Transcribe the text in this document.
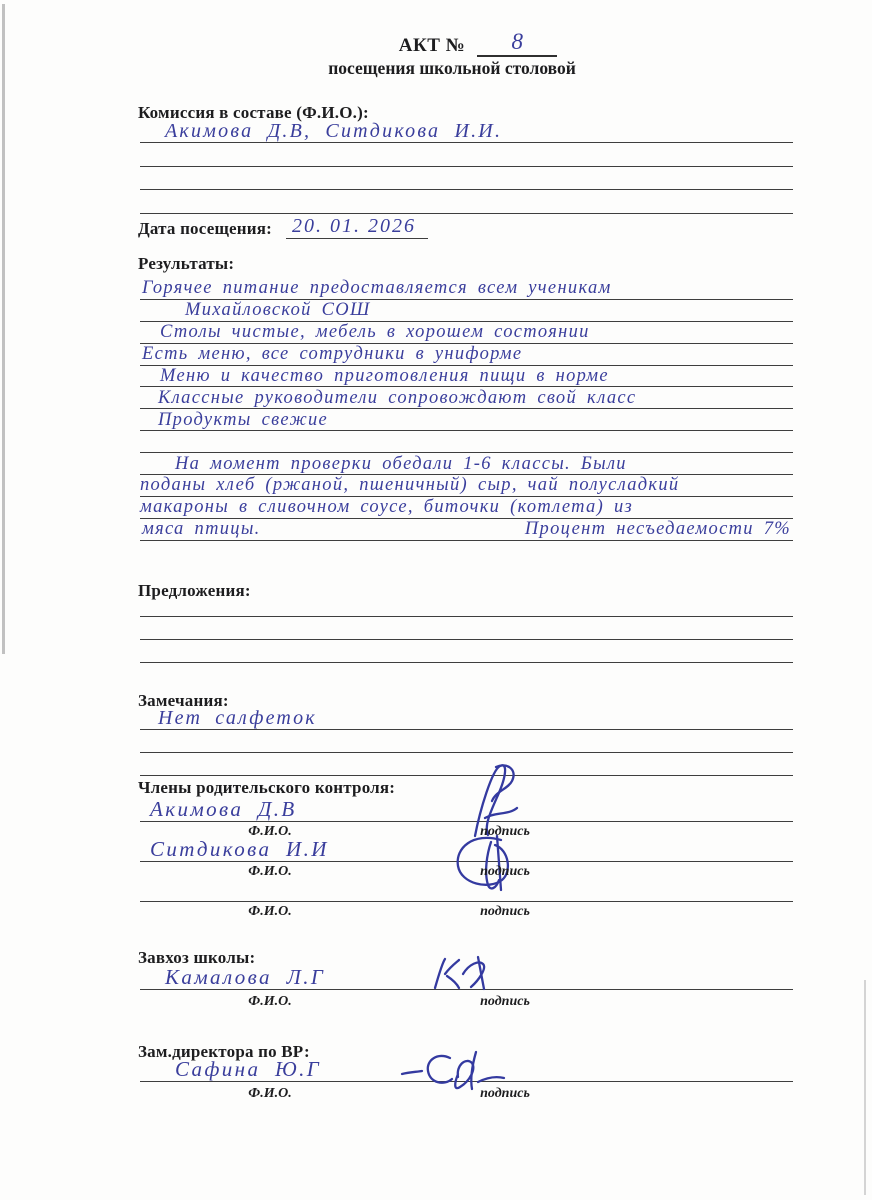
АКТ №	8
посещения школьной столовой
Комиссия в составе (Ф.И.О.):
Акимова Д.В, Ситдикова И.И.
Дата посещения:	20. 01. 2026
Результаты:
Горячее питание предоставляется всем ученикам
Михайловской СОШ
Столы чистые, мебель в хорошем состоянии
Есть меню, все сотрудники в униформе
Меню и качество приготовления пищи в норме
Классные руководители сопровождают свой класс
Продукты свежие
На момент проверки обедали 1-6 классы. Были
поданы хлеб (ржаной, пшеничный) сыр, чай полусладкий
макароны в сливочном соусе, биточки (котлета) из
мяса птицы.	Процент несъедаемости 7%
Предложения:
Замечания:
Нет салфеток
Члены родительского контроля:
Акимова Д.В
Ф.И.О.	подпись
Ситдикова И.И
Ф.И.О.	подпись
Ф.И.О.	подпись
Завхоз школы:
Камалова Л.Г
Ф.И.О.	подпись
Зам.директора по ВР:
Сафина Ю.Г
Ф.И.О.	подпись
